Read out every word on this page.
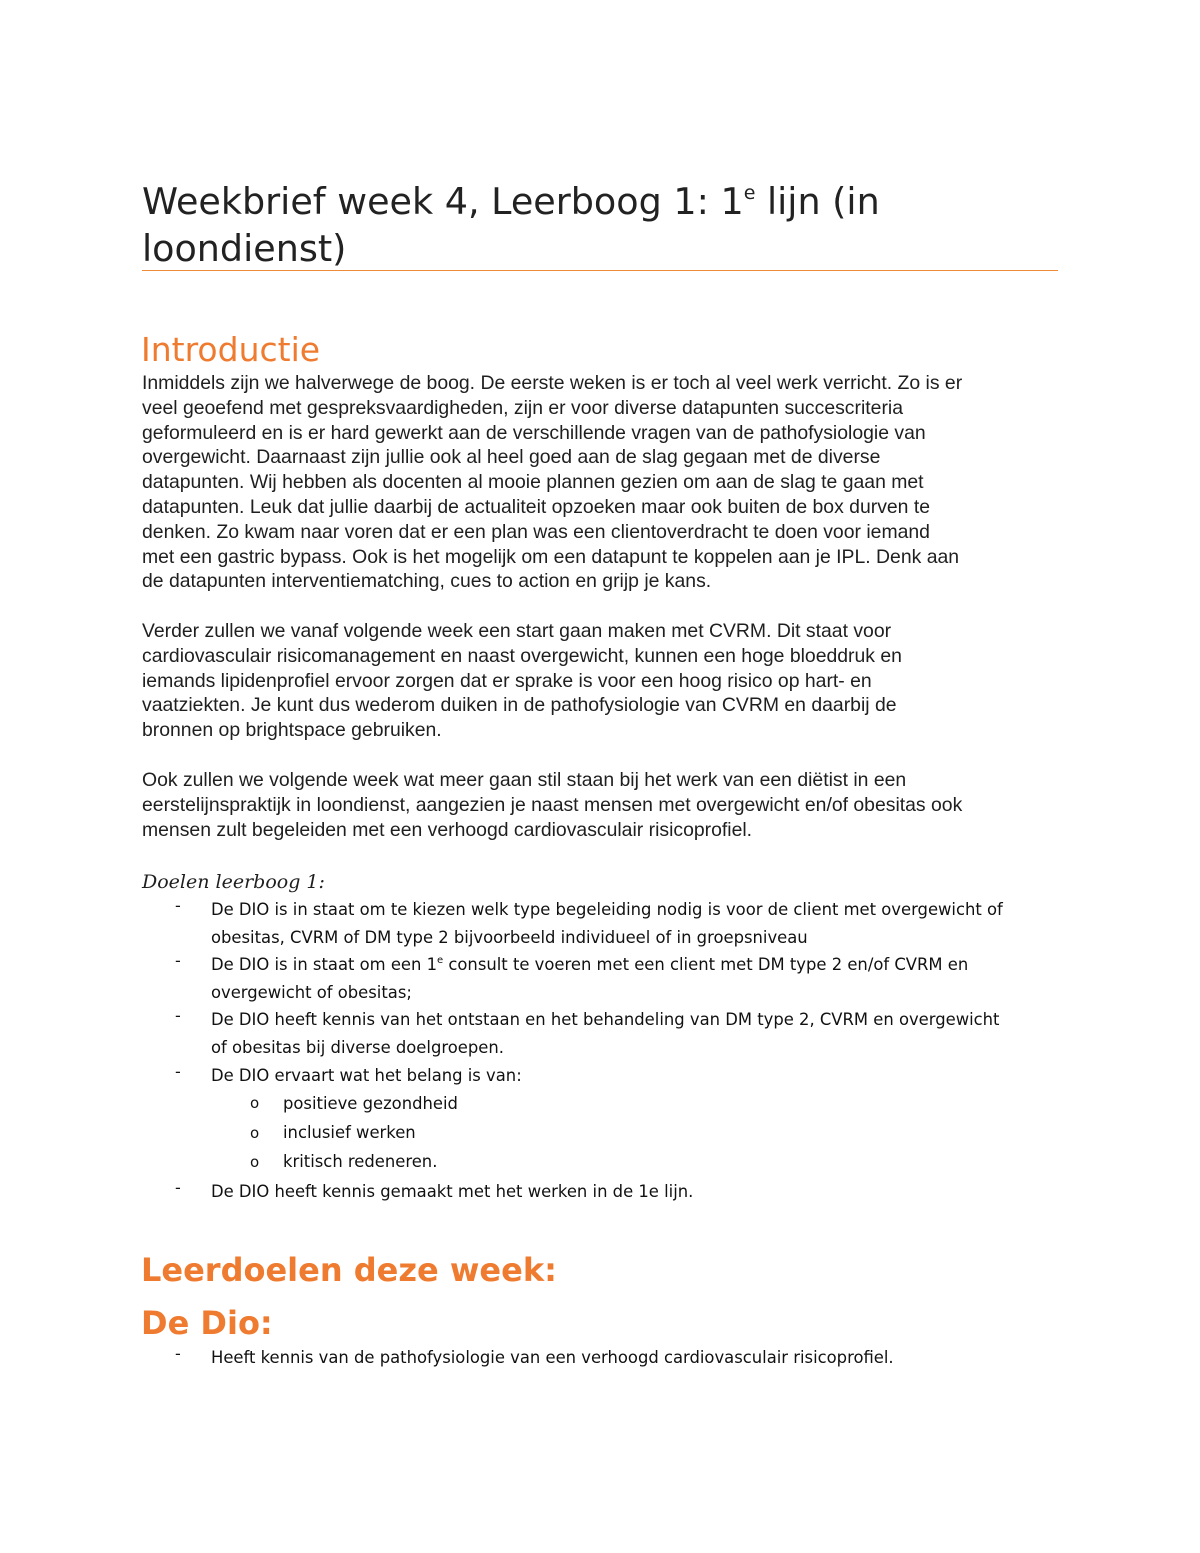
Weekbrief week 4, Leerboog 1: 1e lijn (in loondienst)
Introductie
Inmiddels zijn we halverwege de boog. De eerste weken is er toch al veel werk verricht. Zo is er
veel geoefend met gespreksvaardigheden, zijn er voor diverse datapunten succescriteria
geformuleerd en is er hard gewerkt aan de verschillende vragen van de pathofysiologie van
overgewicht. Daarnaast zijn jullie ook al heel goed aan de slag gegaan met de diverse
datapunten. Wij hebben als docenten al mooie plannen gezien om aan de slag te gaan met
datapunten. Leuk dat jullie daarbij de actualiteit opzoeken maar ook buiten de box durven te
denken. Zo kwam naar voren dat er een plan was een clientoverdracht te doen voor iemand
met een gastric bypass. Ook is het mogelijk om een datapunt te koppelen aan je IPL. Denk aan
de datapunten interventiematching, cues to action en grijp je kans.
Verder zullen we vanaf volgende week een start gaan maken met CVRM. Dit staat voor
cardiovasculair risicomanagement en naast overgewicht, kunnen een hoge bloeddruk en
iemands lipidenprofiel ervoor zorgen dat er sprake is voor een hoog risico op hart- en
vaatziekten. Je kunt dus wederom duiken in de pathofysiologie van CVRM en daarbij de
bronnen op brightspace gebruiken.
Ook zullen we volgende week wat meer gaan stil staan bij het werk van een diëtist in een
eerstelijnspraktijk in loondienst, aangezien je naast mensen met overgewicht en/of obesitas ook
mensen zult begeleiden met een verhoogd cardiovasculair risicoprofiel.
Doelen leerboog 1:
- De DIO is in staat om te kiezen welk type begeleiding nodig is voor de client met overgewicht of
obesitas, CVRM of DM type 2 bijvoorbeeld individueel of in groepsniveau
- De DIO is in staat om een 1e consult te voeren met een client met DM type 2 en/of CVRM en
overgewicht of obesitas;
- De DIO heeft kennis van het ontstaan en het behandeling van DM type 2, CVRM en overgewicht
of obesitas bij diverse doelgroepen.
- De DIO ervaart wat het belang is van:
o positieve gezondheid
o inclusief werken
o kritisch redeneren.
- De DIO heeft kennis gemaakt met het werken in de 1e lijn.
Leerdoelen deze week:
De Dio:
- Heeft kennis van de pathofysiologie van een verhoogd cardiovasculair risicoprofiel.
